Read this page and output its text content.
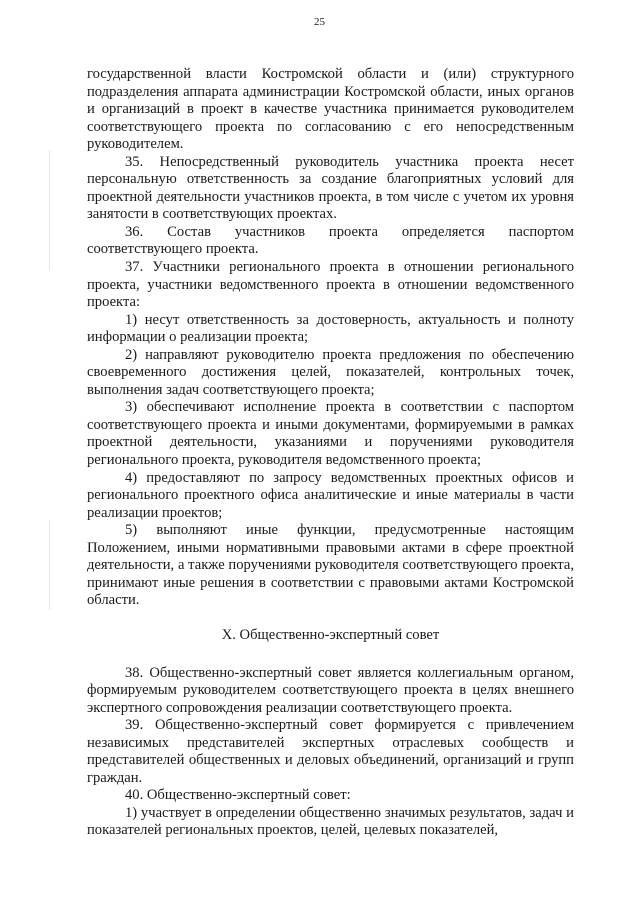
25

государственной власти Костромской области и (или) структурного подразделения аппарата администрации Костромской области, иных органов и организаций в проект в качестве участника принимается руководителем соответствующего проекта по согласованию с его непосредственным руководителем.

35. Непосредственный руководитель участника проекта несет персональную ответственность за создание благоприятных условий для проектной деятельности участников проекта, в том числе с учетом их уровня занятости в соответствующих проектах.

36. Состав участников проекта определяется паспортом соответствующего проекта.

37. Участники регионального проекта в отношении регионального проекта, участники ведомственного проекта в отношении ведомственного проекта:

1) несут ответственность за достоверность, актуальность и полноту информации о реализации проекта;

2) направляют руководителю проекта предложения по обеспечению своевременного достижения целей, показателей, контрольных точек, выполнения задач соответствующего проекта;

3) обеспечивают исполнение проекта в соответствии с паспортом соответствующего проекта и иными документами, формируемыми в рамках проектной деятельности, указаниями и поручениями руководителя регионального проекта, руководителя ведомственного проекта;

4) предоставляют по запросу ведомственных проектных офисов и регионального проектного офиса аналитические и иные материалы в части реализации проектов;

5) выполняют иные функции, предусмотренные настоящим Положением, иными нормативными правовыми актами в сфере проектной деятельности, а также поручениями руководителя соответствующего проекта, принимают иные решения в соответствии с правовыми актами Костромской области.

X. Общественно-экспертный совет

38. Общественно-экспертный совет является коллегиальным органом, формируемым руководителем соответствующего проекта в целях внешнего экспертного сопровождения реализации соответствующего проекта.

39. Общественно-экспертный совет формируется с привлечением независимых представителей экспертных отраслевых сообществ и представителей общественных и деловых объединений, организаций и групп граждан.

40. Общественно-экспертный совет:

1) участвует в определении общественно значимых результатов, задач и показателей региональных проектов, целей, целевых показателей,
